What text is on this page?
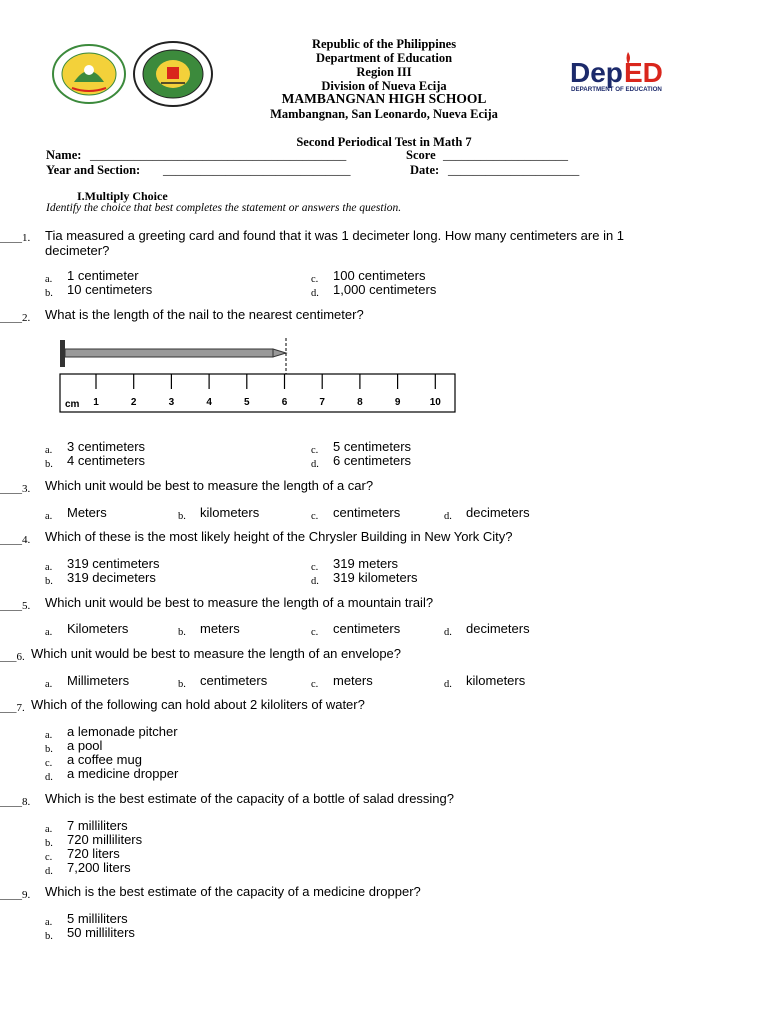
Dep ED
DEPARTMENT OF EDUCATION
Republic of the Philippines
Department of Education
Region III
Division of Nueva Ecija
MAMBANGNAN HIGH SCHOOL
Mambangnan, San Leonardo, Nueva Ecija
Second Periodical Test in Math 7
Name: _________________________________________	Score ____________________
Year and Section: ______________________________	Date: _____________________
I.Multiply Choice
Identify the choice that best completes the statement or answers the question.
____1. Tia measured a greeting card and found that it was 1 decimeter long. How many centimeters are in 1
decimeter?
a. 1 centimeter
b. 10 centimeters
c. 100 centimeters
d. 1,000 centimeters
____2. What is the length of the nail to the nearest centimeter?
1	2	3	4	5	6	7	8	9	10
cm
a. 3 centimeters
b. 4 centimeters
c. 5 centimeters
d. 6 centimeters
____3. Which unit would be best to measure the length of a car?
a. Meters	b. kilometers	c. centimeters	d. decimeters
____4. Which of these is the most likely height of the Chrysler Building in New York City?
a. 319 centimeters
b. 319 decimeters
c. 319 meters
d. 319 kilometers
____5. Which unit would be best to measure the length of a mountain trail?
a. Kilometers	b. meters	c. centimeters	d. decimeters
___6. Which unit would be best to measure the length of an envelope?
a. Millimeters	b. centimeters	c. meters	d. kilometers
___7. Which of the following can hold about 2 kiloliters of water?
a. a lemonade pitcher
b. a pool
c. a coffee mug
d. a medicine dropper
____8. Which is the best estimate of the capacity of a bottle of salad dressing?
a. 7 milliliters
b. 720 milliliters
c. 720 liters
d. 7,200 liters
____9. Which is the best estimate of the capacity of a medicine dropper?
a. 5 milliliters
b. 50 milliliters
